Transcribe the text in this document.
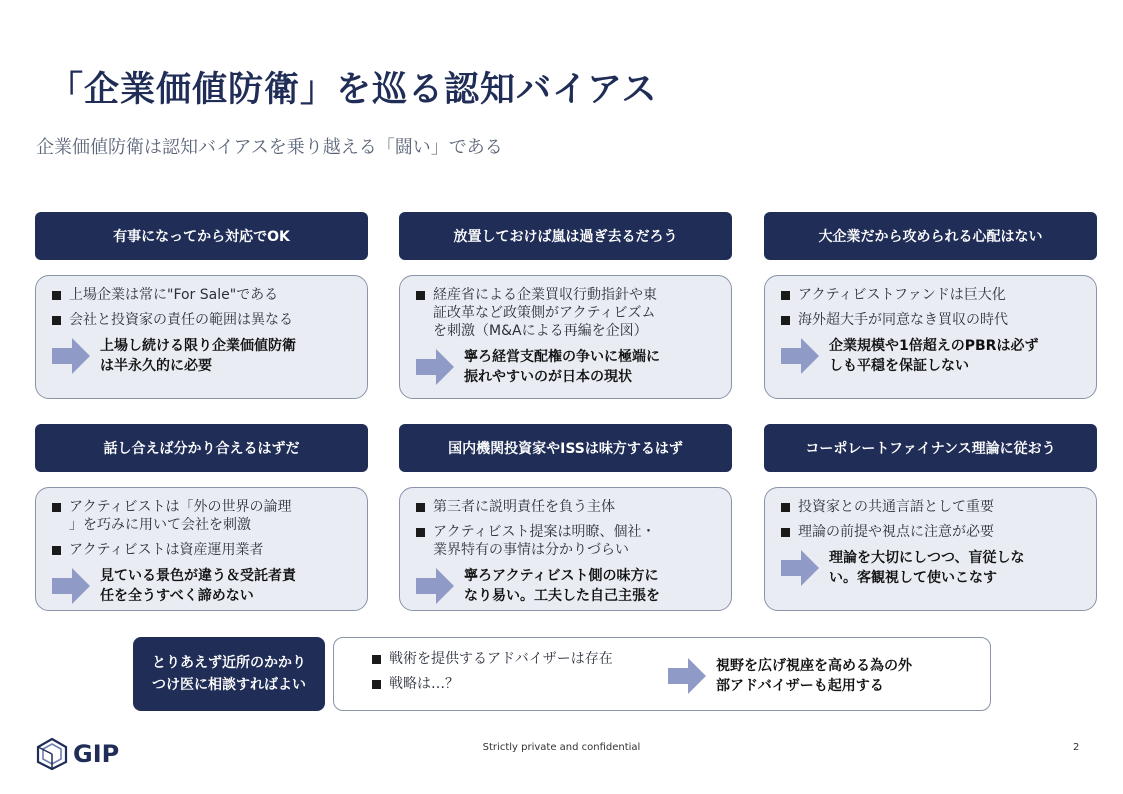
「企業価値防衛」を巡る認知バイアス
企業価値防衛は認知バイアスを乗り越える「闘い」である
有事になってから対応でOK
上場企業は常に"For Sale"である
会社と投資家の責任の範囲は異なる
上場し続ける限り企業価値防衛
は半永久的に必要
放置しておけば嵐は過ぎ去るだろう
経産省による企業買収行動指針や東
証改革など政策側がアクティビズム
を刺激（M&Aによる再編を企図）
寧ろ経営支配権の争いに極端に
振れやすいのが日本の現状
大企業だから攻められる心配はない
アクティビストファンドは巨大化
海外超大手が同意なき買収の時代
企業規模や1倍超えのPBRは必ず
しも平穏を保証しない
話し合えば分かり合えるはずだ
アクティビストは「外の世界の論理
」を巧みに用いて会社を刺激
アクティビストは資産運用業者
見ている景色が違う＆受託者責
任を全うすべく諦めない
国内機関投資家やISSは味方するはず
第三者に説明責任を負う主体
アクティビスト提案は明瞭、個社・
業界特有の事情は分かりづらい
寧ろアクティビスト側の味方に
なり易い。工夫した自己主張を
コーポレートファイナンス理論に従おう
投資家との共通言語として重要
理論の前提や視点に注意が必要
理論を大切にしつつ、盲従しな
い。客観視して使いこなす
とりあえず近所のかかり
つけ医に相談すればよい
戦術を提供するアドバイザーは存在
戦略は…？
視野を広げ視座を高める為の外
部アドバイザーも起用する
GIP	Strictly private and confidential	2
